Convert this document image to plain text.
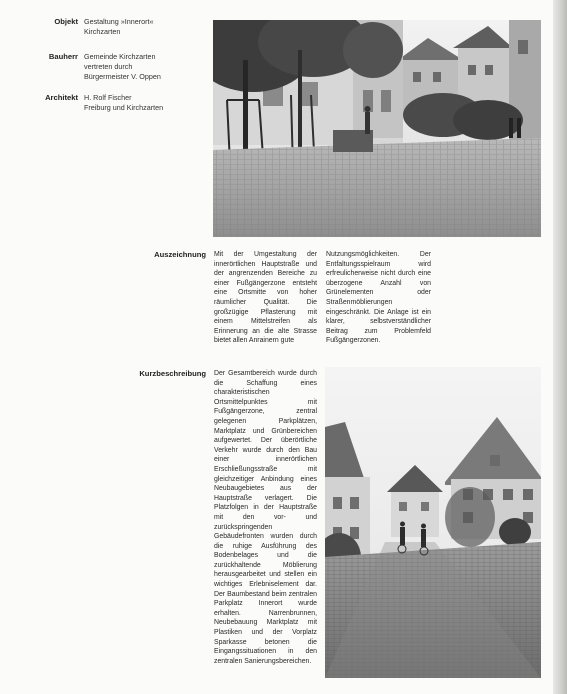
Objekt Gestaltung »Innerort«
Kirchzarten
Bauherr Gemeinde Kirchzarten
vertreten durch
Bürgermeister V. Oppen
Architekt H. Rolf Fischer
Freiburg und Kirchzarten
Auszeichnung Mit der Umgestaltung der innerörtlichen Hauptstraße und der angrenzenden Bereiche zu einer Fußgängerzone entsteht eine Ortsmitte von hoher räumlicher Qualität. Die großzügige Pflasterung mit einem Mittelstreifen als Erinnerung an die alte Strasse bietet allen Anrainern gute
Nutzungsmöglichkeiten. Der Entfaltungsspielraum wird erfreulicherweise nicht durch eine überzogene Anzahl von Grünelementen oder Straßenmöblierungen eingeschränkt. Die Anlage ist ein klarer, selbstverständlicher Beitrag zum Problemfeld Fußgängerzonen.
Kurzbeschreibung Der Gesamtbereich wurde durch die Schaffung eines charakteristischen Ortsmittelpunktes mit Fußgängerzone, zentral gelegenen Parkplätzen, Marktplatz und Grünbereichen aufgewertet. Der überörtliche Verkehr wurde durch den Bau einer innerörtlichen Erschließungsstraße mit gleichzeitiger Anbindung eines Neubaugebietes aus der Hauptstraße verlagert. Die Platzfolgen in der Hauptstraße mit den vor- und zurückspringenden Gebäudefronten wurden durch die ruhige Ausführung des Bodenbelages und die zurückhaltende Möblierung herausgearbeitet und stellen ein wichtiges Erlebniselement dar. Der Baumbestand beim zentralen Parkplatz Innerort wurde erhalten. Narrenbrunnen, Neubebauung Marktplatz mit Plastiken und der Vorplatz Sparkasse betonen die Eingangssituationen in den zentralen Sanierungsbereichen.
